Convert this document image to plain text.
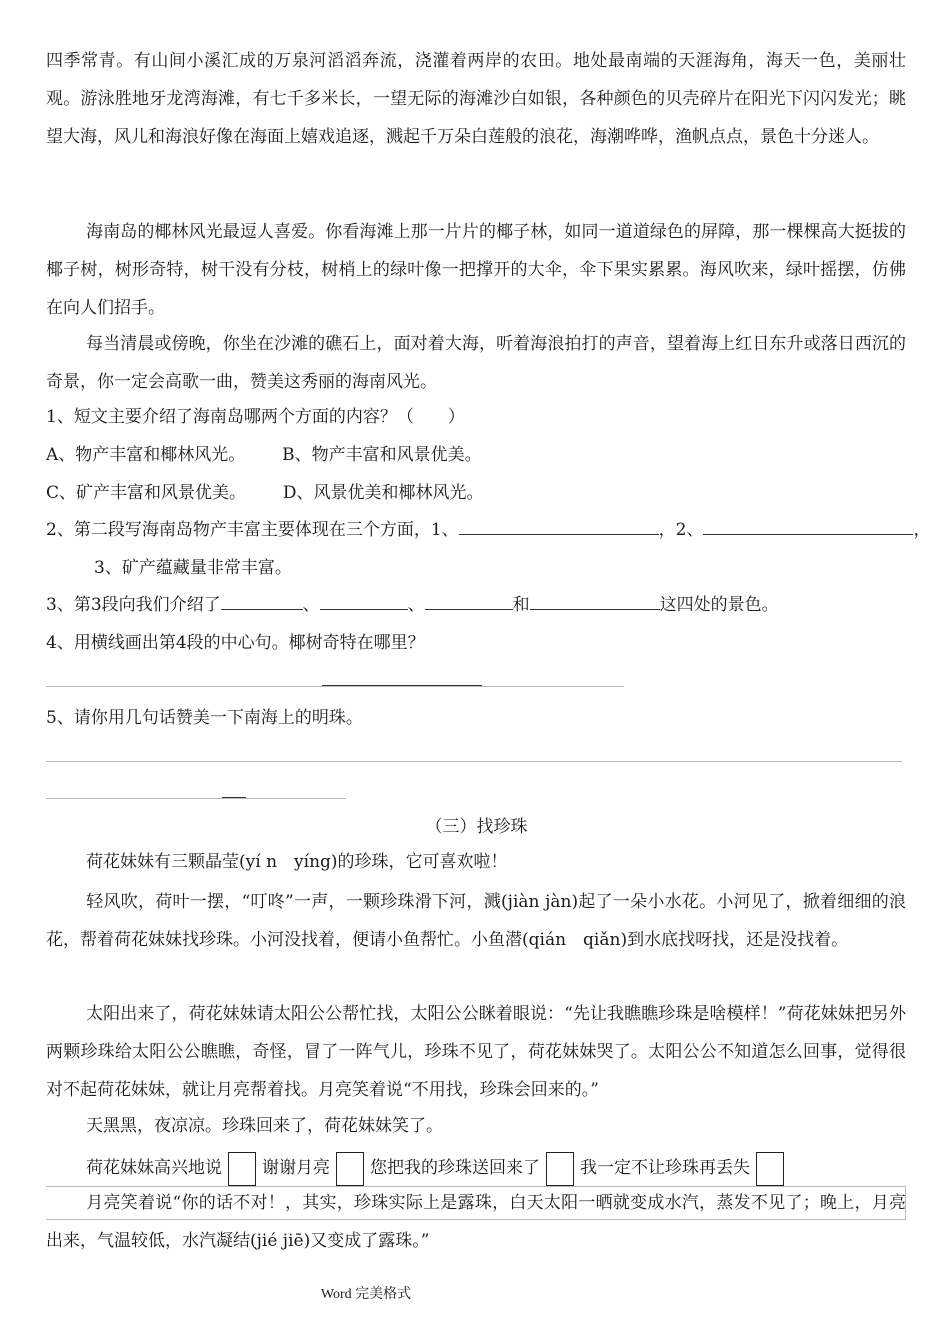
四季常青。有山间小溪汇成的万泉河滔滔奔流，浇灌着两岸的农田。地处最南端的天涯海角，海天一色，美丽壮观。游泳胜地牙龙湾海滩，有七千多米长，一望无际的海滩沙白如银，各种颜色的贝壳碎片在阳光下闪闪发光；眺望大海，风儿和海浪好像在海面上嬉戏追逐，溅起千万朵白莲般的浪花，海潮哗哗，渔帆点点，景色十分迷人。
海南岛的椰林风光最逗人喜爱。你看海滩上那一片片的椰子林，如同一道道绿色的屏障，那一棵棵高大挺拔的椰子树，树形奇特，树干没有分枝，树梢上的绿叶像一把撑开的大伞，伞下果实累累。海风吹来，绿叶摇摆，仿佛在向人们招手。
每当清晨或傍晚，你坐在沙滩的礁石上，面对着大海，听着海浪拍打的声音，望着海上红日东升或落日西沉的奇景，你一定会高歌一曲，赞美这秀丽的海南风光。
1、短文主要介绍了海南岛哪两个方面的内容？（　　）
A、物产丰富和椰林风光。 B、物产丰富和风景优美。
C、矿产丰富和风景优美。 D、风景优美和椰林风光。
2、第二段写海南岛物产丰富主要体现在三个方面，1、	，2、	，
3、矿产蕴藏量非常丰富。
3、第3段向我们介绍了	、	、	和	这四处的景色。
4、用横线画出第4段的中心句。椰树奇特在哪里？
5、请你用几句话赞美一下南海上的明珠。
（三）找珍珠
荷花妹妹有三颗晶莹(yí n　yíng)的珍珠，它可喜欢啦！
轻风吹，荷叶一摆，“叮咚”一声，一颗珍珠滑下河，溅(jiàn jàn)起了一朵小水花。小河见了，掀着细细的浪花，帮着荷花妹妹找珍珠。小河没找着，便请小鱼帮忙。小鱼潜(qián　qiǎn)到水底找呀找，还是没找着。
太阳出来了，荷花妹妹请太阳公公帮忙找，太阳公公眯着眼说：“先让我瞧瞧珍珠是啥模样！”荷花妹妹把另外两颗珍珠给太阳公公瞧瞧，奇怪，冒了一阵气儿，珍珠不见了，荷花妹妹哭了。太阳公公不知道怎么回事，觉得很对不起荷花妹妹，就让月亮帮着找。月亮笑着说“不用找，珍珠会回来的。”
天黑黑，夜凉凉。珍珠回来了，荷花妹妹笑了。
荷花妹妹高兴地说 谢谢月亮 您把我的珍珠送回来了 我一定不让珍珠再丢失
月亮笑着说“你的话不对！，其实，珍珠实际上是露珠，白天太阳一晒就变成水汽，蒸发不见了；晚上，月亮出来，气温较低，水汽凝结(jié jiē)又变成了露珠。”
Word 完美格式
